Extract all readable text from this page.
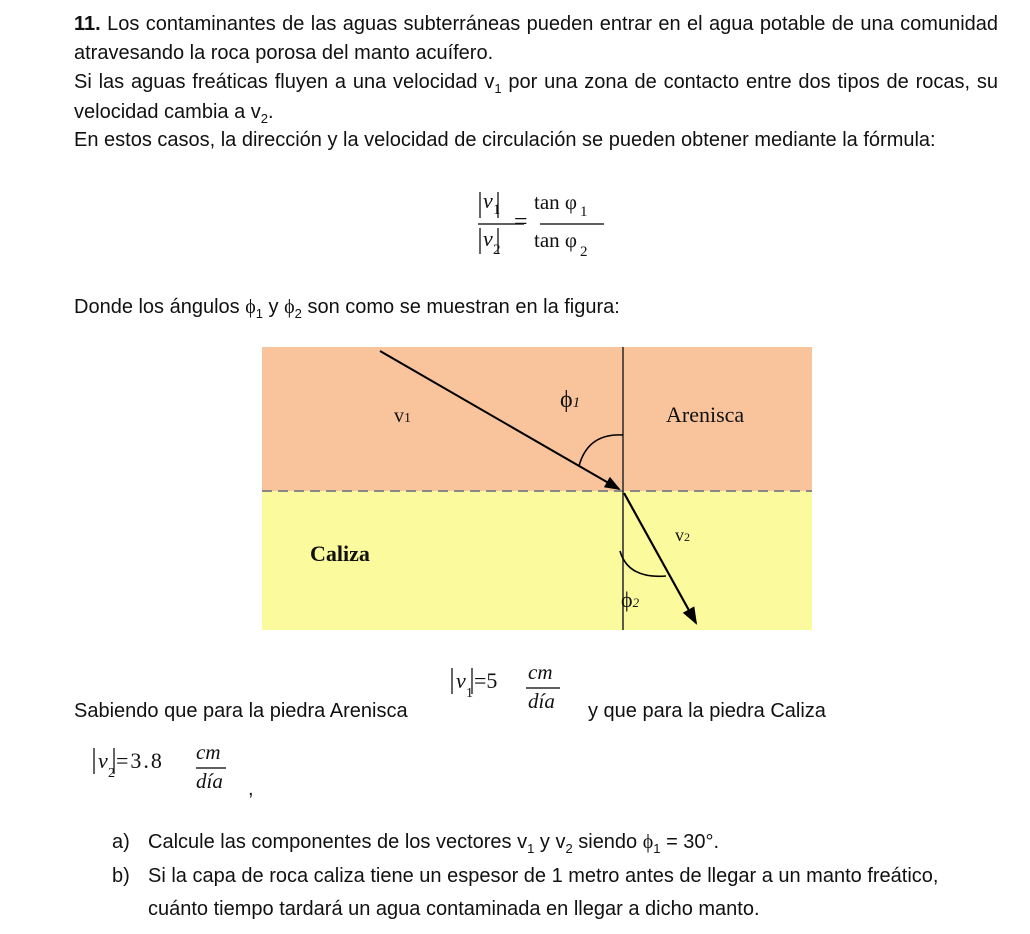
11. Los contaminantes de las aguas subterráneas pueden entrar en el agua potable de una comunidad atravesando la roca porosa del manto acuífero.
Si las aguas freáticas fluyen a una velocidad $v_1$ por una zona de contacto entre dos tipos de rocas, su velocidad cambia a $v_2$.
En estos casos, la dirección y la velocidad de circulación se pueden obtener mediante la fórmula:
v 1
v 2
=
tan φ 1
tan φ 2
Donde los ángulos $\phi_1$ y $\phi_2$ son como se muestran en la figura:
v1
ϕ1	Arenisca
Caliza
v2
ϕ2
Sabiendo que para la piedra Arenisca
v
1
=5 cm
día y que para la piedra Caliza
v
2
=3.8 cm
día ,
a) Calcule las componentes de los vectores $v_1$ y $v_2$ siendo $\phi_1 = 30^\circ$.
b) Si la capa de roca caliza tiene un espesor de 1 metro antes de llegar a un manto freático, cuánto tiempo tardará un agua contaminada en llegar a dicho manto.
